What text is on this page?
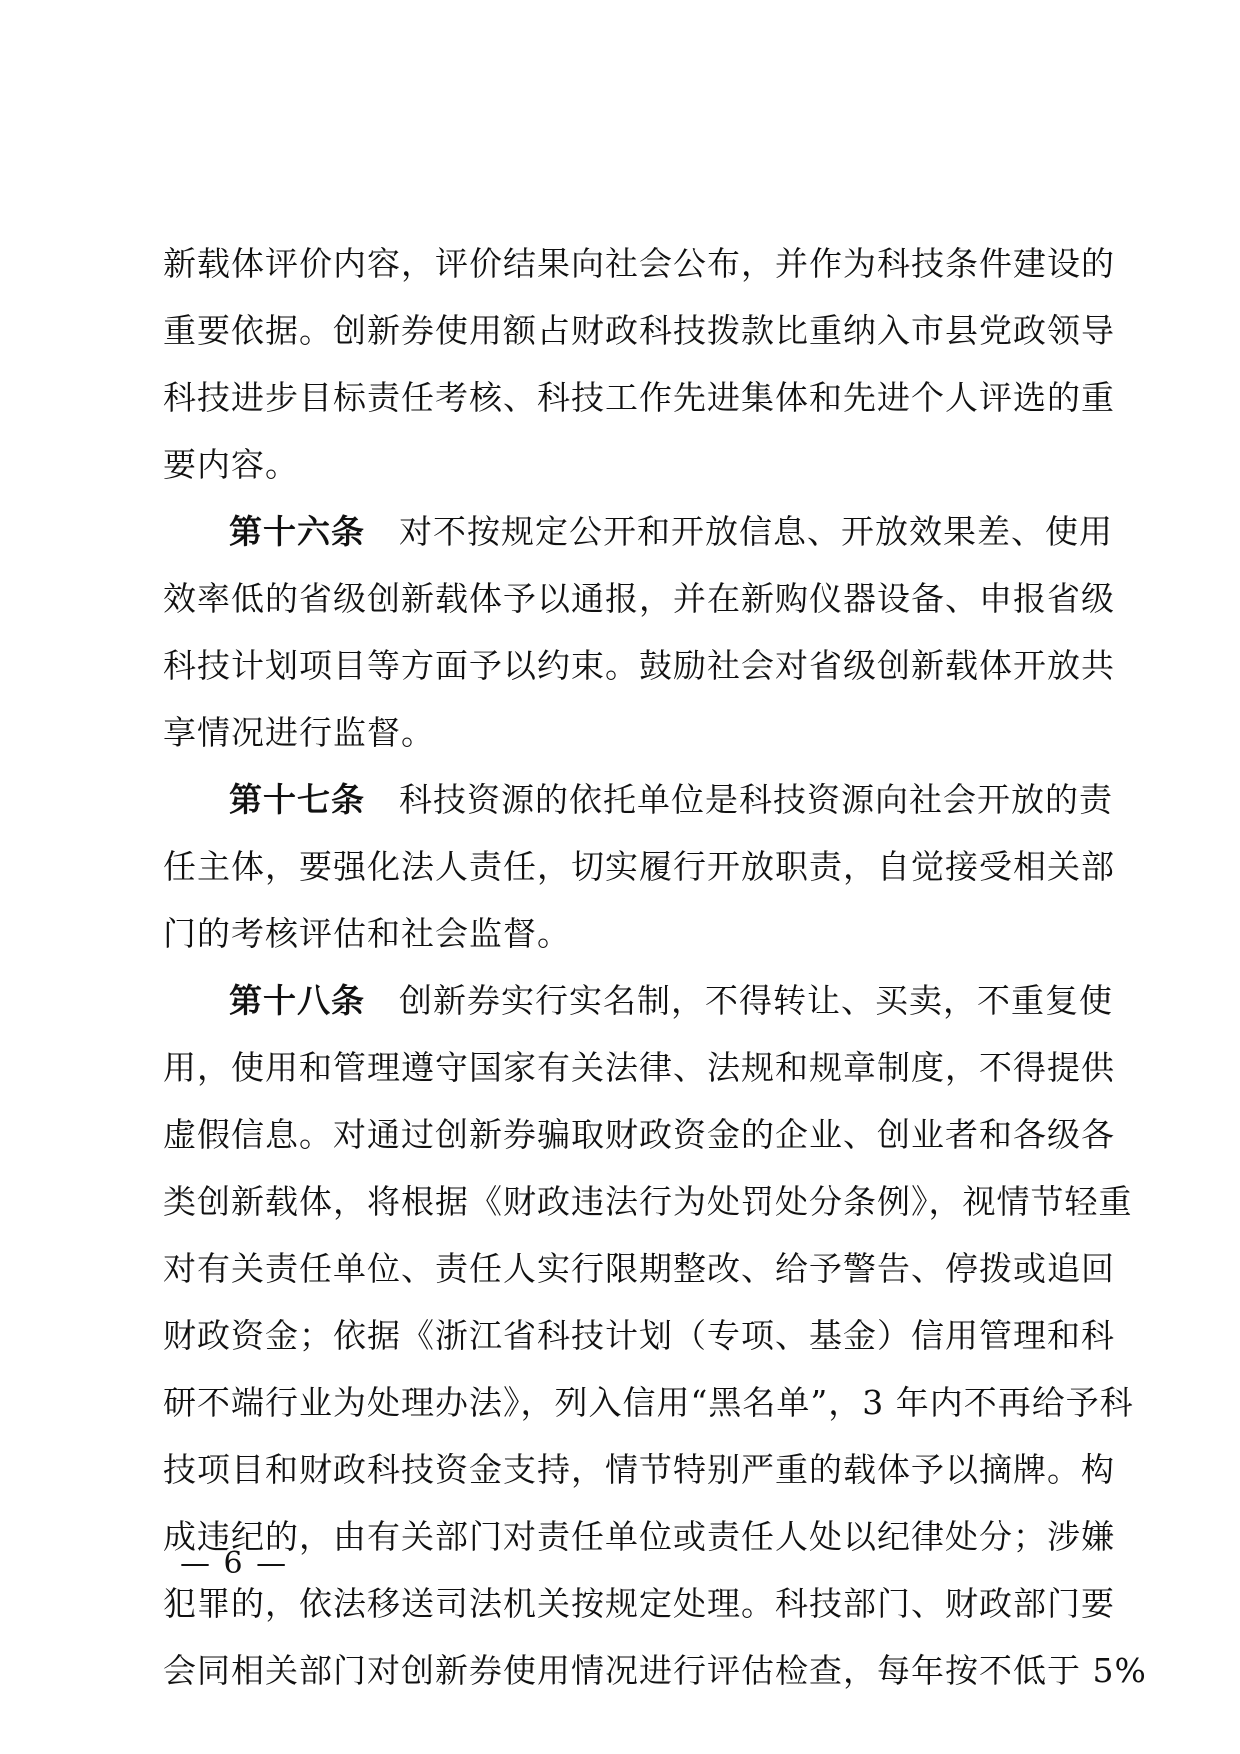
新载体评价内容，评价结果向社会公布，并作为科技条件建设的
重要依据。创新券使用额占财政科技拨款比重纳入市县党政领导
科技进步目标责任考核、科技工作先进集体和先进个人评选的重
要内容。
第十六条 对不按规定公开和开放信息、开放效果差、使用
效率低的省级创新载体予以通报，并在新购仪器设备、申报省级
科技计划项目等方面予以约束。鼓励社会对省级创新载体开放共
享情况进行监督。
第十七条 科技资源的依托单位是科技资源向社会开放的责
任主体，要强化法人责任，切实履行开放职责，自觉接受相关部
门的考核评估和社会监督。
第十八条 创新券实行实名制，不得转让、买卖，不重复使
用，使用和管理遵守国家有关法律、法规和规章制度，不得提供
虚假信息。对通过创新券骗取财政资金的企业、创业者和各级各
类创新载体，将根据《财政违法行为处罚处分条例》，视情节轻重
对有关责任单位、责任人实行限期整改、给予警告、停拨或追回
财政资金；依据《浙江省科技计划（专项、基金）信用管理和科
研不端行业为处理办法》，列入信用“黑名单”，3 年内不再给予科
技项目和财政科技资金支持，情节特别严重的载体予以摘牌。构
成违纪的，由有关部门对责任单位或责任人处以纪律处分；涉嫌
犯罪的，依法移送司法机关按规定处理。科技部门、财政部门要
会同相关部门对创新券使用情况进行评估检查，每年按不低于 5%
— 6 —
